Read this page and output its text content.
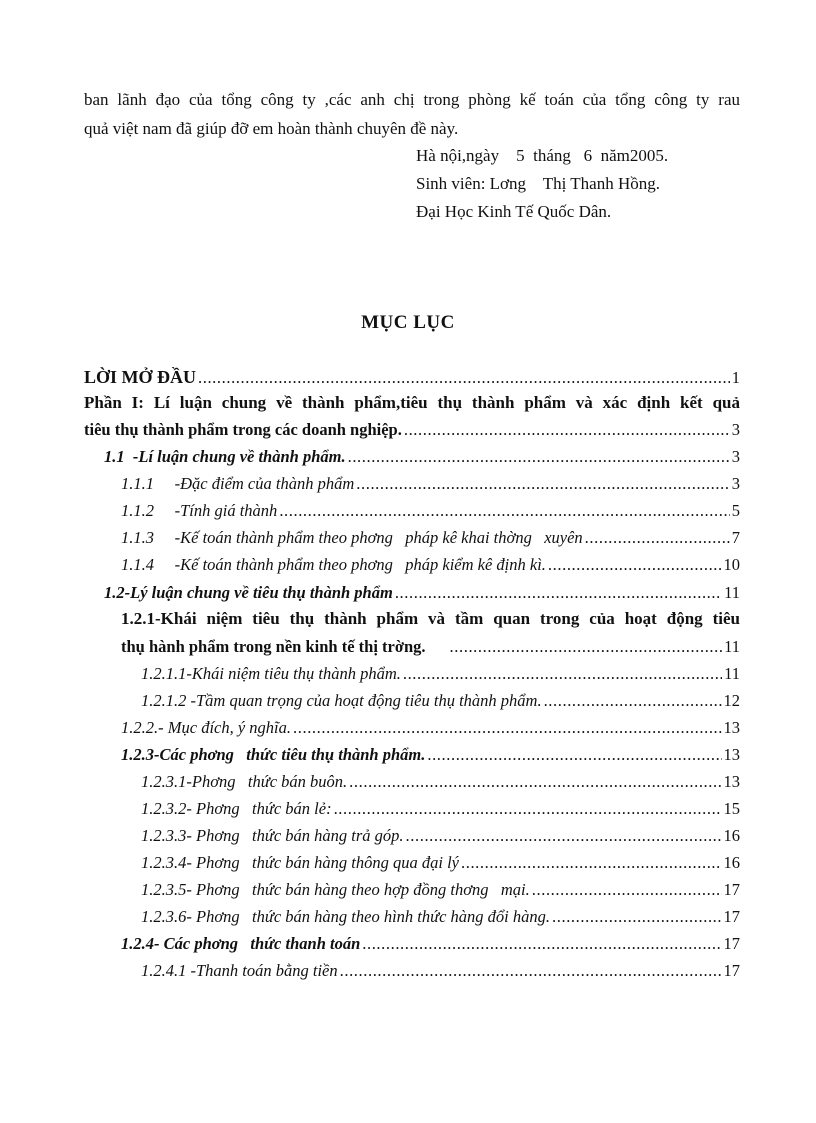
ban lãnh đạo của tổng công ty ,các anh chị trong phòng kế toán của tổng công ty rau
quả việt nam đã giúp đỡ em hoàn thành chuyên đề này.
Hà nội,ngày    5  tháng   6  năm2005.
Sinh viên: Lơng    Thị Thanh Hồng.
Đại Học Kinh Tế Quốc Dân.
MỤC LỤC
LỜI MỞ ĐẦU .....	1
Phần I: Lí luận chung về thành phẩm,tiêu thụ thành phẩm và xác định kết quả
tiêu thụ thành phẩm trong các doanh nghiệp. .....	3
1.1  -Lí luận chung về thành phẩm. .....	3
1.1.1     -Đặc điểm của thành phẩm .....	3
1.1.2     -Tính giá thành .....	5
1.1.3     -Kế toán thành phẩm theo phơng   pháp kê khai thờng   xuyên .....	7
1.1.4     -Kế toán thành phẩm theo phơng   pháp kiểm kê định kì. .....	10
1.2-Lý luận chung về tiêu thụ thành phẩm .....	11
1.2.1-Khái niệm tiêu thụ thành phẩm và tầm quan trong của hoạt động tiêu
thụ hành phẩm trong nền kinh tế thị trờng. .....	11
1.2.1.1-Khái niệm tiêu thụ thành phẩm. .....	11
1.2.1.2 -Tầm quan trọng của hoạt động tiêu thụ thành phẩm. .....	12
1.2.2.- Mục đích, ý nghĩa. .....	13
1.2.3-Các phơng   thức tiêu thụ thành phẩm. .....	13
1.2.3.1-Phơng   thức bán buôn. .....	13
1.2.3.2- Phơng   thức bán lẻ: .....	15
1.2.3.3- Phơng   thức bán hàng trả góp. .....	16
1.2.3.4- Phơng   thức bán hàng thông qua đại lý .....	16
1.2.3.5- Phơng   thức bán hàng theo hợp đồng thơng   mại. .....	17
1.2.3.6- Phơng   thức bán hàng theo hình thức hàng đổi hàng. .....	17
1.2.4- Các phơng   thức thanh toán .....	17
1.2.4.1 -Thanh toán bằng tiền .....	17
